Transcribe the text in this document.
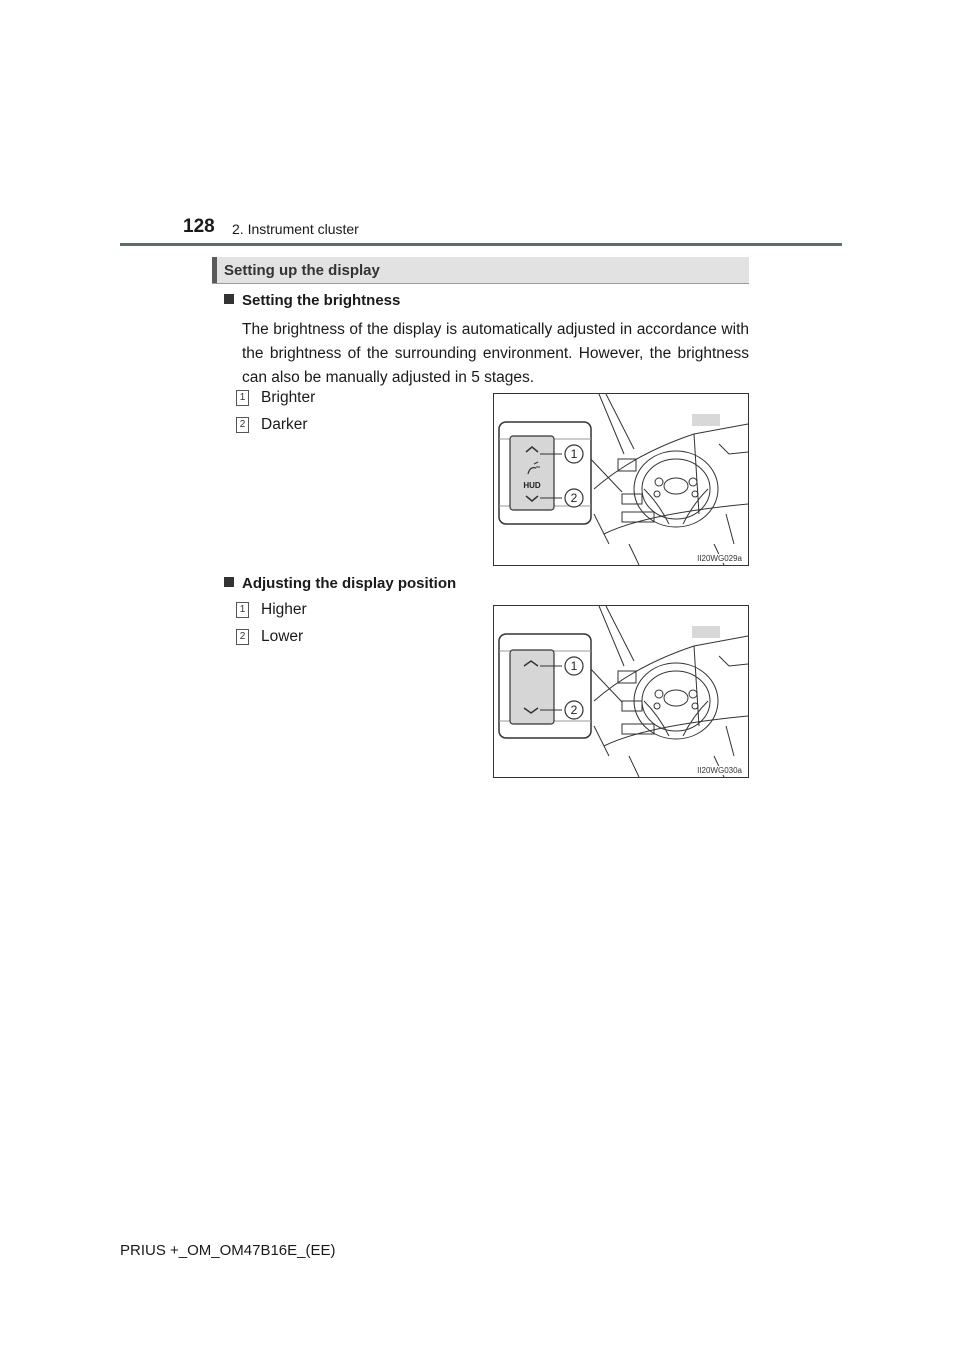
128 2. Instrument cluster
Setting up the display
Setting the brightness
The brightness of the display is automatically adjusted in accordance with the brightness of the surrounding environment. However, the brightness can also be manually adjusted in 5 stages.
1 Brighter
2 Darker
HUD
1
2
II20WG029a
Adjusting the display position
1 Higher
2 Lower
1
2
II20WG030a
PRIUS +_OM_OM47B16E_(EE)
